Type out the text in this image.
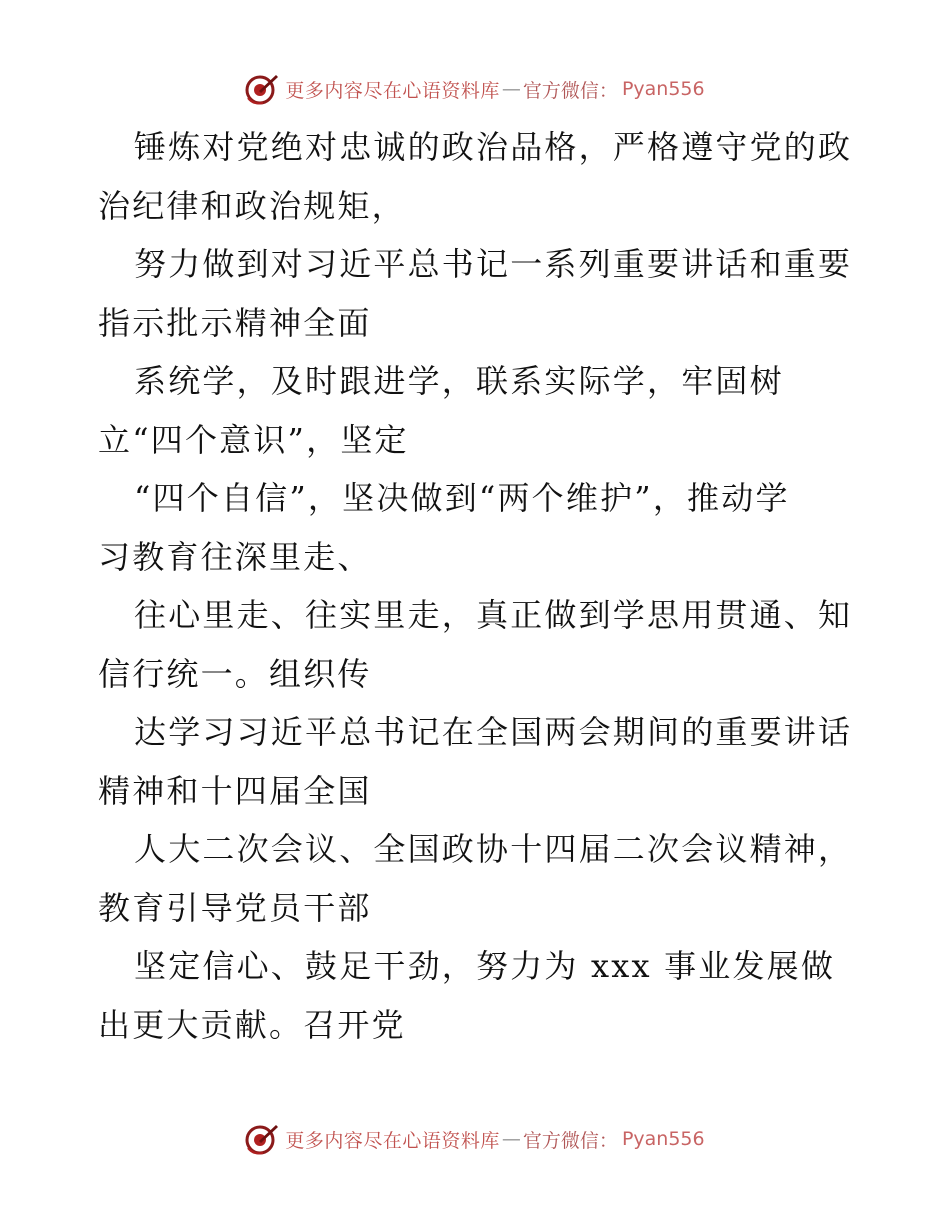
更多内容尽在心语资料库 — 官方微信： Pyan556

锤炼对党绝对忠诚的政治品格，严格遵守党的政
治纪律和政治规矩，

努力做到对习近平总书记一系列重要讲话和重要
指示批示精神全面

系统学，及时跟进学，联系实际学，牢固树
立“四个意识”，坚定

“四个自信”，坚决做到“两个维护”，推动学
习教育往深里走、

往心里走、往实里走，真正做到学思用贯通、知
信行统一。组织传

达学习习近平总书记在全国两会期间的重要讲话
精神和十四届全国

人大二次会议、全国政协十四届二次会议精神，
教育引导党员干部

坚定信心、鼓足干劲，努力为 xxx 事业发展做
出更大贡献。召开党

更多内容尽在心语资料库 — 官方微信： Pyan556
